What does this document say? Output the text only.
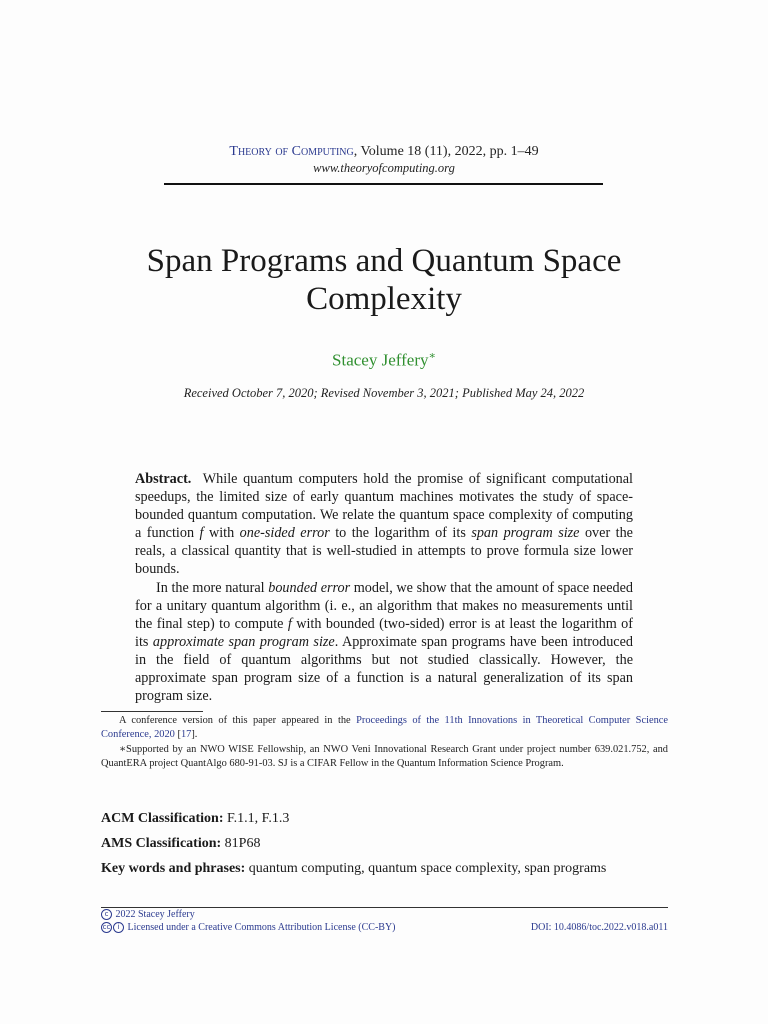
Theory of Computing, Volume 18 (11), 2022, pp. 1–49
www.theoryofcomputing.org
Span Programs and Quantum Space Complexity
Stacey Jeffery∗
Received October 7, 2020; Revised November 3, 2021; Published May 24, 2022

Abstract. While quantum computers hold the promise of significant computational speedups, the limited size of early quantum machines motivates the study of space-bounded quantum computation. We relate the quantum space complexity of computing a function f with one-sided error to the logarithm of its span program size over the reals, a classical quantity that is well-studied in attempts to prove formula size lower bounds.

In the more natural bounded error model, we show that the amount of space needed for a unitary quantum algorithm (i. e., an algorithm that makes no measurements until the final step) to compute f with bounded (two-sided) error is at least the logarithm of its approximate span program size. Approximate span programs have been introduced in the field of quantum algorithms but not studied classically. However, the approximate span program size of a function is a natural generalization of its span program size.

A conference version of this paper appeared in the Proceedings of the 11th Innovations in Theoretical Computer Science Conference, 2020 [17].

∗Supported by an NWO WISE Fellowship, an NWO Veni Innovational Research Grant under project number 639.021.752, and QuantERA project QuantAlgo 680-91-03. SJ is a CIFAR Fellow in the Quantum Information Science Program.

ACM Classification: F.1.1, F.1.3
AMS Classification: 81P68
Key words and phrases: quantum computing, quantum space complexity, span programs
c 2022 Stacey Jeffery
cc i Licensed under a Creative Commons Attribution License (CC-BY)	DOI: 10.4086/toc.2022.v018.a011
